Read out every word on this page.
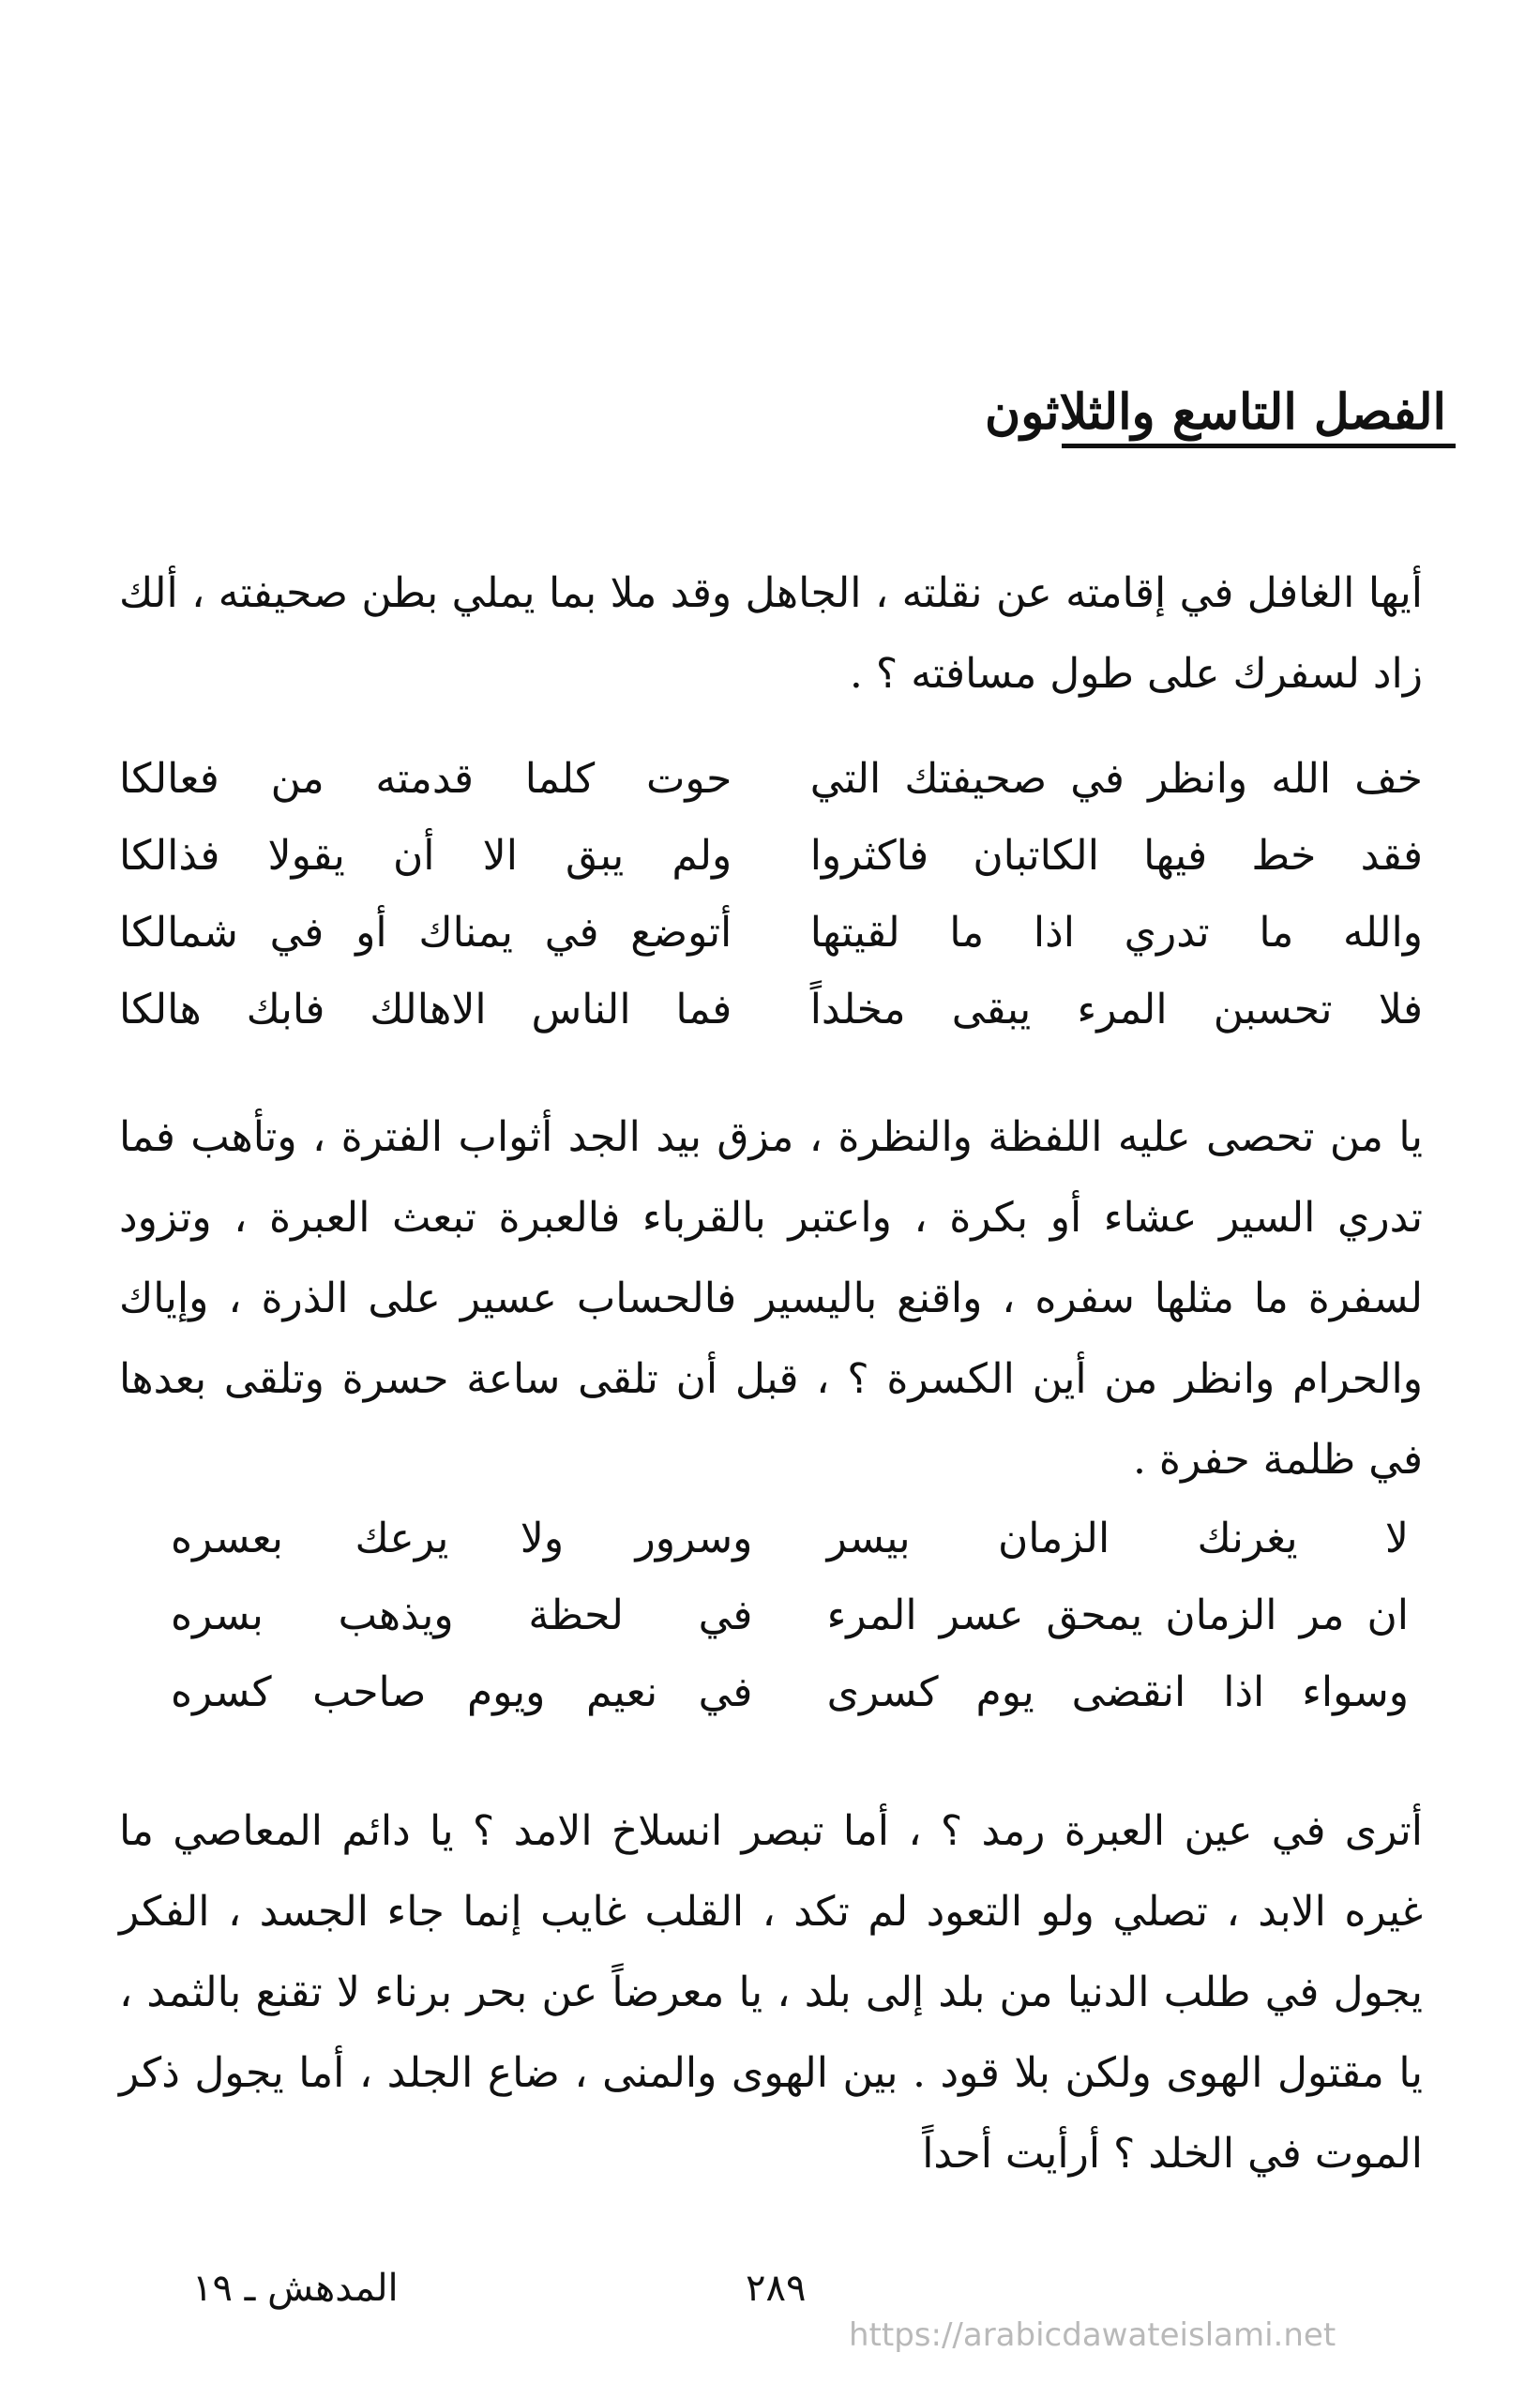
الفصل التاسع والثلاثون

أيها الغافل في إقامته عن نقلته ، الجاهل وقد ملا بما يملي بطن صحيفته ، ألك زاد لسفرك على طول مسافته ؟ .

خف الله وانظر في صحيفتك التي
حوت كلما قدمته من فعالكا
فقد خط فيها الكاتبان فاكثروا
ولم يبق الا أن يقولا فذالكا
والله ما تدري اذا ما لقيتها
أتوضع في يمناك أو في شمالكا
فلا تحسبن المرء يبقى مخلداً
فما الناس الاهالك فابك هالكا

يا من تحصى عليه اللفظة والنظرة ، مزق بيد الجد أثواب الفترة ، وتأهب فما تدري السير عشاء أو بكرة ، واعتبر بالقرباء فالعبرة تبعث العبرة ، وتزود لسفرة ما مثلها سفره ، واقنع باليسير فالحساب عسير على الذرة ، وإياك والحرام وانظر من أين الكسرة ؟ ، قبل أن تلقى ساعة حسرة وتلقى بعدها في ظلمة حفرة .

لا يغرنك الزمان بيسر
وسرور ولا يرعك بعسره
ان مر الزمان يمحق عسر المرء
في لحظة ويذهب بسره
وسواء اذا انقضى يوم كسرى
في نعيم ويوم صاحب كسره

أترى في عين العبرة رمد ؟ ، أما تبصر انسلاخ الامد ؟ يا دائم المعاصي ما غيره الابد ، تصلي ولو التعود لم تكد ، القلب غايب إنما جاء الجسد ، الفكر يجول في طلب الدنيا من بلد إلى بلد ، يا معرضاً عن بحر برناء لا تقنع بالثمد ، يا مقتول الهوى ولكن بلا قود . بين الهوى والمنى ، ضاع الجلد ، أما يجول ذكر الموت في الخلد ؟ أرأيت أحداً

المدهش ـ ١٩	٢٨٩
https://arabicdawateislami.net
